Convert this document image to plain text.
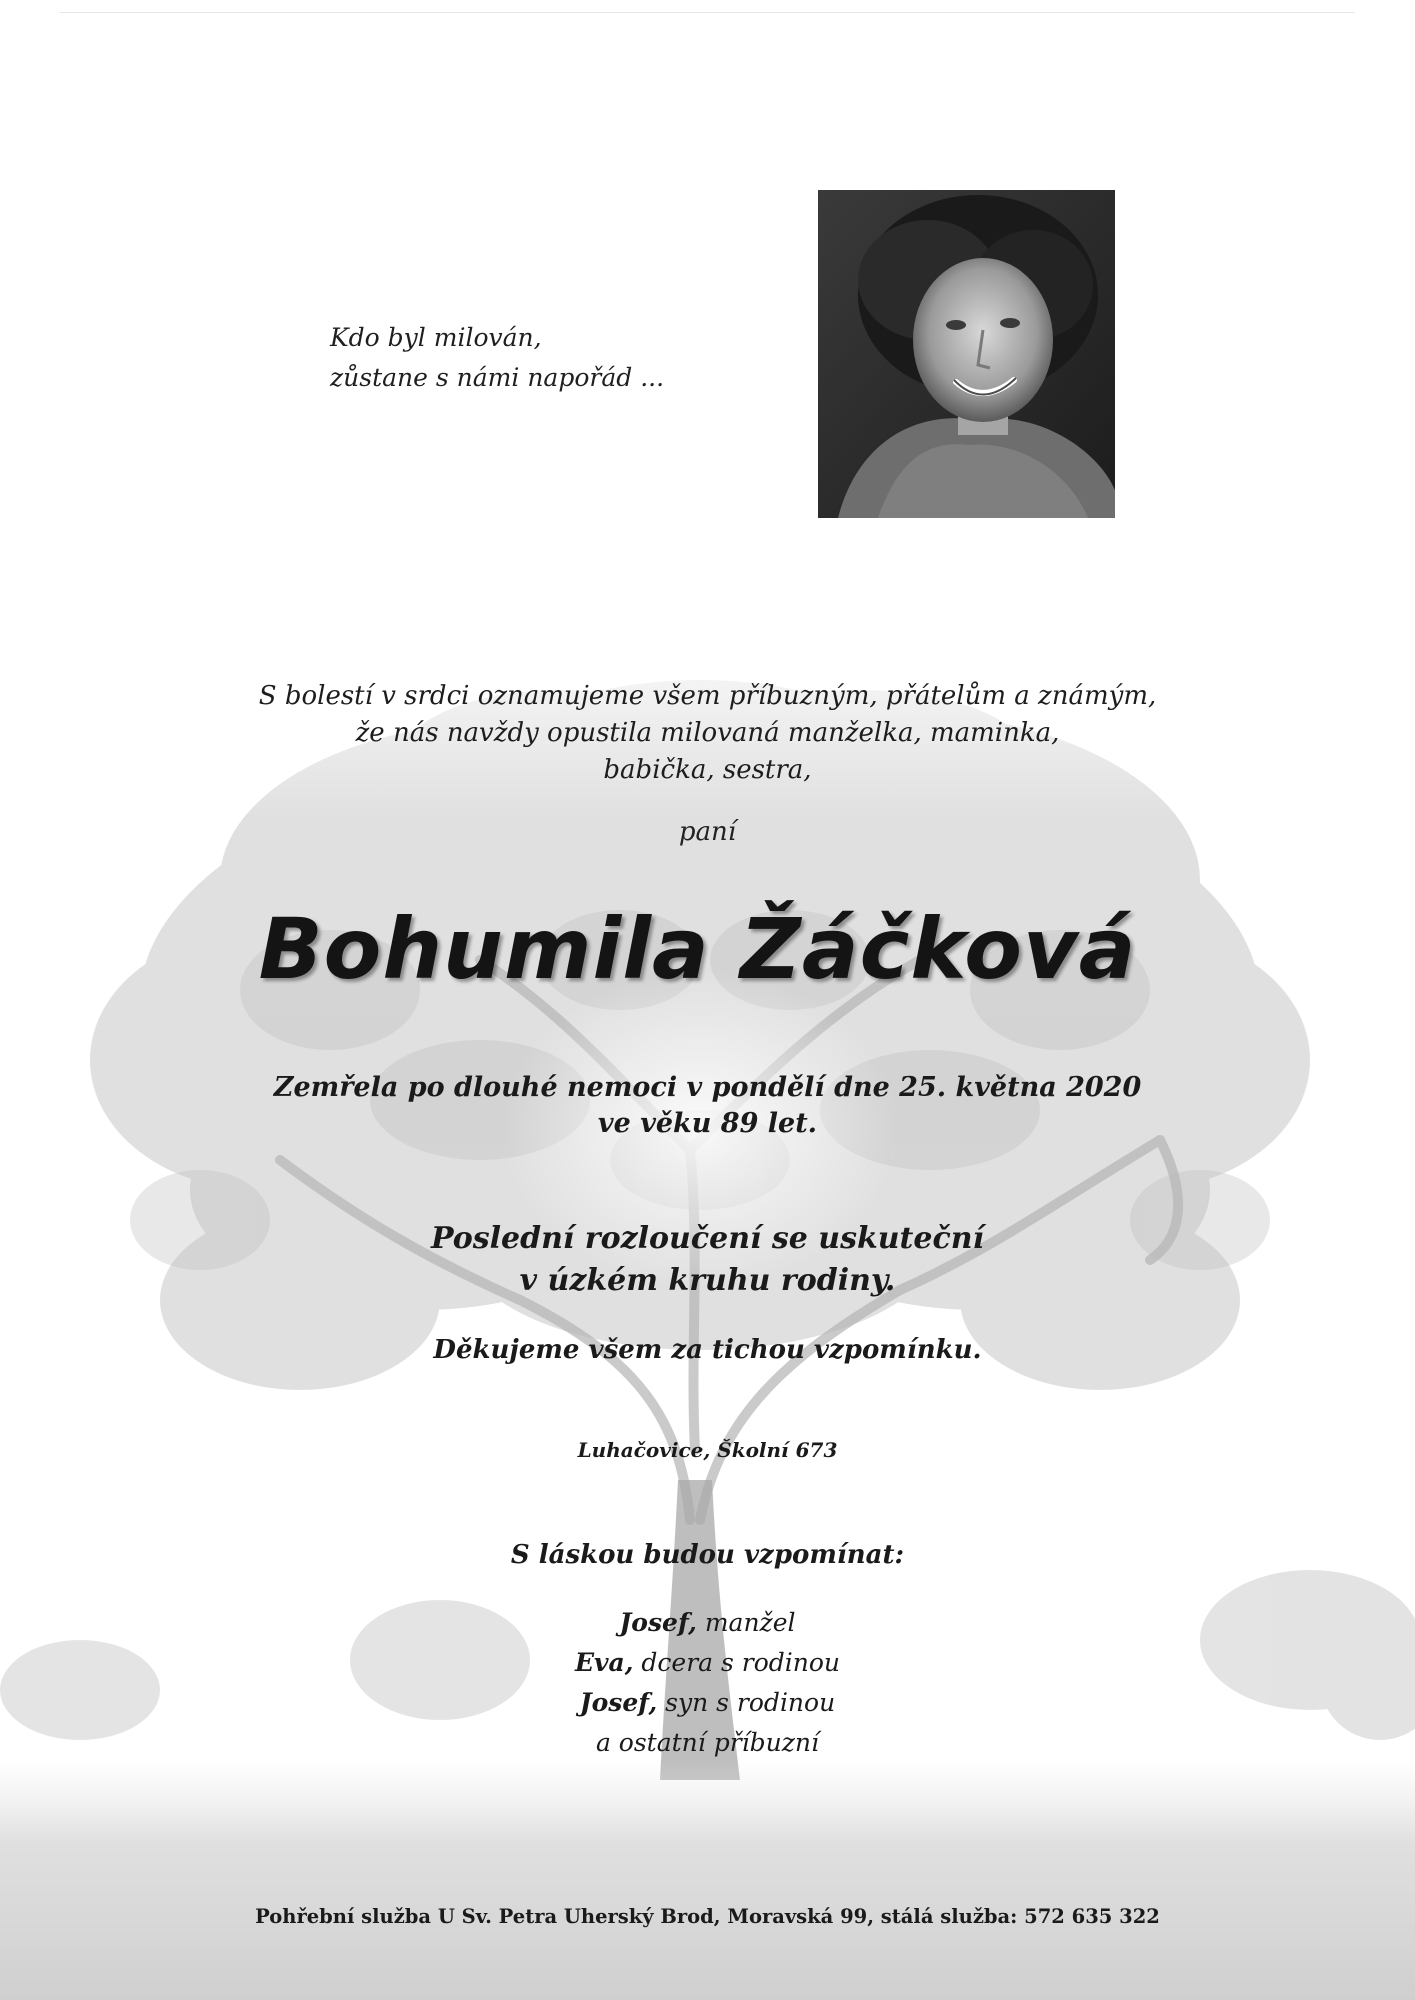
Kdo byl milován,
zůstane s námi napořád ...
S bolestí v srdci oznamujeme všem příbuzným, přátelům a známým,
že nás navždy opustila milovaná manželka, maminka,
babička, sestra,
paní
Bohumila Žáčková
Zemřela po dlouhé nemoci v pondělí dne 25. května 2020
ve věku 89 let.
Poslední rozloučení se uskuteční
v úzkém kruhu rodiny.
Děkujeme všem za tichou vzpomínku.
Luhačovice, Školní 673
S láskou budou vzpomínat:
Josef, manžel
Eva, dcera s rodinou
Josef, syn s rodinou
a ostatní příbuzní
Pohřební služba U Sv. Petra Uherský Brod, Moravská 99, stálá služba: 572 635 322
